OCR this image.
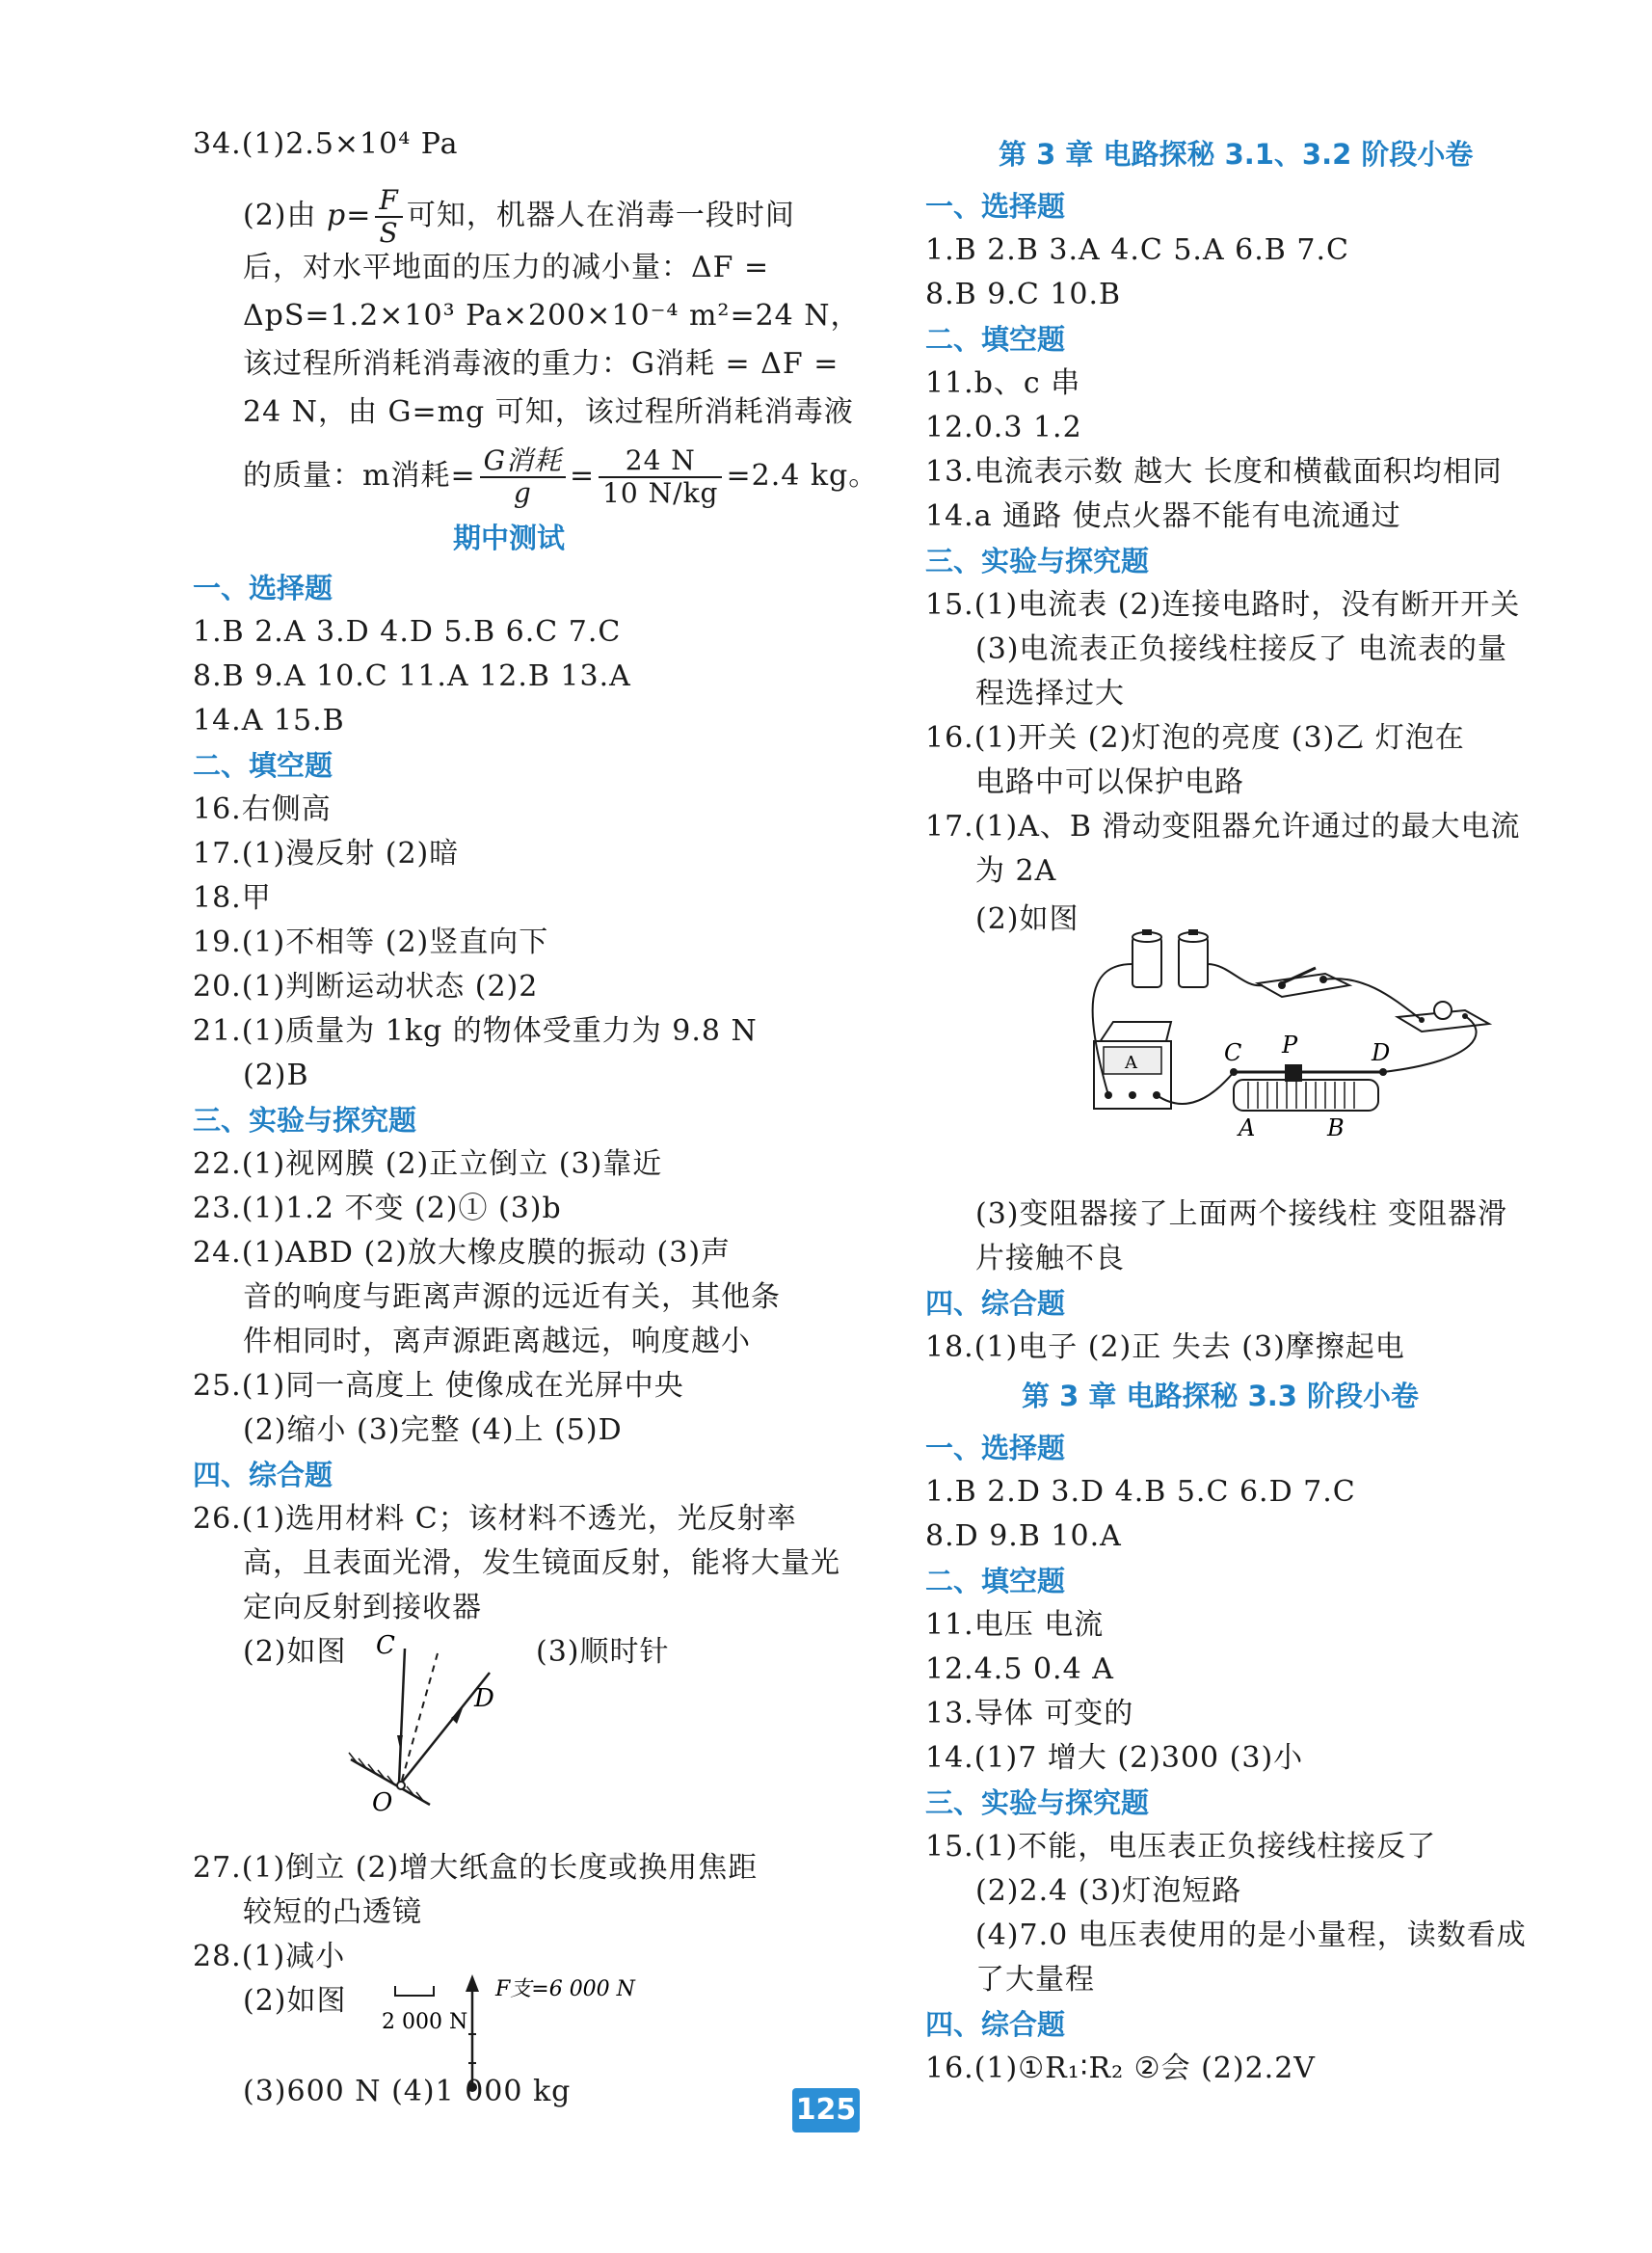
34.(1)2.5×10⁴ Pa
(2)由 $p= \frac{F}{S}$ 可知，机器人在消毒一段时间
后，对水平地面的压力的减小量：ΔF =
ΔpS=1.2×10³ Pa×200×10⁻⁴ m²=24 N，
该过程所消耗消毒液的重力：G消耗 = ΔF =
24 N，由 G=mg 可知，该过程所消耗消毒液
的质量：m消耗= $\frac{\text{G消耗}}{g} = \frac{24 N}{10 N/kg} =2.4$ kg。
期中测试
一、选择题
1.B 2.A 3.D 4.D 5.B 6.C 7.C
8.B 9.A 10.C 11.A 12.B 13.A
14.A 15.B
二、填空题
16.右侧高
17.(1)漫反射 (2)暗
18.甲
19.(1)不相等 (2)竖直向下
20.(1)判断运动状态 (2)2
21.(1)质量为 1kg 的物体受重力为 9.8 N
(2)B
三、实验与探究题
22.(1)视网膜 (2)正立倒立 (3)靠近
23.(1)1.2 不变 (2)① (3)b
24.(1)ABD (2)放大橡皮膜的振动 (3)声
音的响度与距离声源的远近有关，其他条
件相同时，离声源距离越远，响度越小
25.(1)同一高度上 使像成在光屏中央
(2)缩小 (3)完整 (4)上 (5)D
四、综合题
26.(1)选用材料 C；该材料不透光，光反射率
高，且表面光滑，发生镜面反射，能将大量光
定向反射到接收器
(2)如图	(3)顺时针
C
D
O
27.(1)倒立 (2)增大纸盒的长度或换用焦距
较短的凸透镜
28.(1)减小
(2)如图
2 000 N
F支=6 000 N
(3)600 N (4)1 000 kg
第 3 章 电路探秘 3.1、3.2 阶段小卷
一、选择题
1.B 2.B 3.A 4.C 5.A 6.B 7.C
8.B 9.C 10.B
二、填空题
11.b、c 串
12.0.3 1.2
13.电流表示数 越大 长度和横截面积均相同
14.a 通路 使点火器不能有电流通过
三、实验与探究题
15.(1)电流表 (2)连接电路时，没有断开开关
(3)电流表正负接线柱接反了 电流表的量
程选择过大
16.(1)开关 (2)灯泡的亮度 (3)乙 灯泡在
电路中可以保护电路
17.(1)A、B 滑动变阻器允许通过的最大电流
为 2A
(2)如图
A	C P	D
A	B
(3)变阻器接了上面两个接线柱 变阻器滑
片接触不良
四、综合题
18.(1)电子 (2)正 失去 (3)摩擦起电
第 3 章 电路探秘 3.3 阶段小卷
一、选择题
1.B 2.D 3.D 4.B 5.C 6.D 7.C
8.D 9.B 10.A
二、填空题
11.电压 电流
12.4.5 0.4 A
13.导体 可变的
14.(1)7 增大 (2)300 (3)小
三、实验与探究题
15.(1)不能，电压表正负接线柱接反了
(2)2.4 (3)灯泡短路
(4)7.0 电压表使用的是小量程，读数看成
了大量程
四、综合题
16.(1)①R₁∶R₂ ②会 (2)2.2V
125
